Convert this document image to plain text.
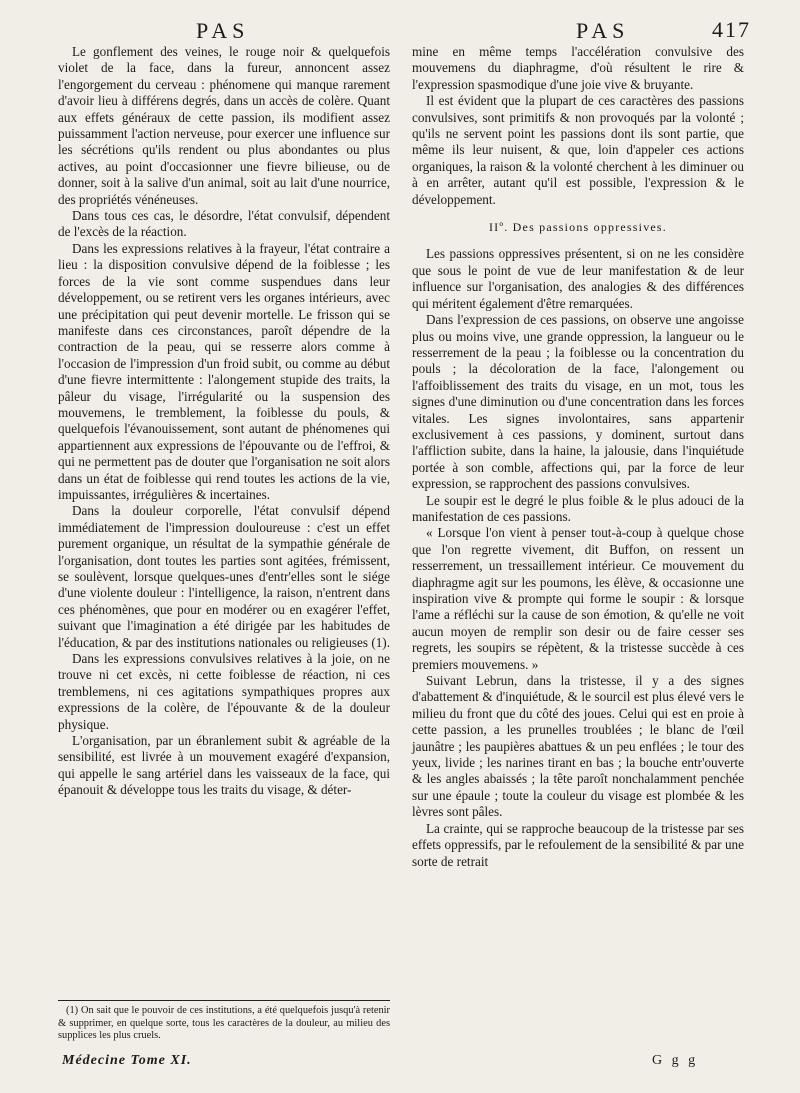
PAS	PAS	417

Le gonflement des veines, le rouge noir & quelquefois violet de la face, dans la fureur, annoncent assez l'engorgement du cerveau : phénomene qui manque rarement d'avoir lieu à différens degrés, dans un accès de colère. Quant aux effets généraux de cette passion, ils modifient assez puissamment l'action nerveuse, pour exercer une influence sur les sécrétions qu'ils rendent ou plus abondantes ou plus actives, au point d'occasionner une fievre bilieuse, ou de donner, soit à la salive d'un animal, soit au lait d'une nourrice, des propriétés vénéneuses.

Dans tous ces cas, le désordre, l'état convulsif, dépendent de l'excès de la réaction.

Dans les expressions relatives à la frayeur, l'état contraire a lieu : la disposition convulsive dépend de la foiblesse ; les forces de la vie sont comme suspendues dans leur développement, ou se retirent vers les organes intérieurs, avec une précipitation qui peut devenir mortelle. Le frisson qui se manifeste dans ces circonstances, paroît dépendre de la contraction de la peau, qui se resserre alors comme à l'occasion de l'impression d'un froid subit, ou comme au début d'une fievre intermittente : l'alongement stupide des traits, la pâleur du visage, l'irrégularité ou la suspension des mouvemens, le tremblement, la foiblesse du pouls, & quelquefois l'évanouissement, sont autant de phénomenes qui appartiennent aux expressions de l'épouvante ou de l'effroi, & qui ne permettent pas de douter que l'organisation ne soit alors dans un état de foiblesse qui rend toutes les actions de la vie, impuissantes, irrégulières & incertaines.

Dans la douleur corporelle, l'état convulsif dépend immédiatement de l'impression douloureuse : c'est un effet purement organique, un résultat de la sympathie générale de l'organisation, dont toutes les parties sont agitées, frémissent, se soulèvent, lorsque quelques-unes d'entr'elles sont le siége d'une violente douleur : l'intelligence, la raison, n'entrent dans ces phénomènes, que pour en modérer ou en exagérer l'effet, suivant que l'imagination a été dirigée par les habitudes de l'éducation, & par des institutions nationales ou religieuses (1).

Dans les expressions convulsives relatives à la joie, on ne trouve ni cet excès, ni cette foiblesse de réaction, ni ces tremblemens, ni ces agitations sympathiques propres aux expressions de la colère, de l'épouvante & de la douleur physique.

L'organisation, par un ébranlement subit & agréable de la sensibilité, est livrée à un mouvement exagéré d'expansion, qui appelle le sang artériel dans les vaisseaux de la face, qui épanouit & développe tous les traits du visage, & déter-

mine en même temps l'accélération convulsive des mouvemens du diaphragme, d'où résultent le rire & l'expression spasmodique d'une joie vive & bruyante.

Il est évident que la plupart de ces caractères des passions convulsives, sont primitifs & non provoqués par la volonté ; qu'ils ne servent point les passions dont ils sont partie, que même ils leur nuisent, & que, loin d'appeler ces actions organiques, la raison & la volonté cherchent à les diminuer ou à en arrêter, autant qu'il est possible, l'expression & le développement.

IIº. Des passions oppressives.

Les passions oppressives présentent, si on ne les considère que sous le point de vue de leur manifestation & de leur influence sur l'organisation, des analogies & des différences qui méritent également d'être remarquées.

Dans l'expression de ces passions, on observe une angoisse plus ou moins vive, une grande oppression, la langueur ou le resserrement de la peau ; la foiblesse ou la concentration du pouls ; la décoloration de la face, l'alongement ou l'affoiblissement des traits du visage, en un mot, tous les signes d'une diminution ou d'une concentration dans les forces vitales. Les signes involontaires, sans appartenir exclusivement à ces passions, y dominent, surtout dans l'affliction subite, dans la haine, la jalousie, dans l'inquiétude portée à son comble, affections qui, par la force de leur expression, se rapprochent des passions convulsives.

Le soupir est le degré le plus foible & le plus adouci de la manifestation de ces passions.

« Lorsque l'on vient à penser tout-à-coup à quelque chose que l'on regrette vivement, dit Buffon, on ressent un resserrement, un tressaillement intérieur. Ce mouvement du diaphragme agit sur les poumons, les élève, & occasionne une inspiration vive & prompte qui forme le soupir : & lorsque l'ame a réfléchi sur la cause de son émotion, & qu'elle ne voit aucun moyen de remplir son desir ou de faire cesser ses regrets, les soupirs se répètent, & la tristesse succède à ces premiers mouvemens. »

Suivant Lebrun, dans la tristesse, il y a des signes d'abattement & d'inquiétude, & le sourcil est plus élevé vers le milieu du front que du côté des joues. Celui qui est en proie à cette passion, a les prunelles troublées ; le blanc de l'œil jaunâtre ; les paupières abattues & un peu enflées ; le tour des yeux, livide ; les narines tirant en bas ; la bouche entr'ouverte & les angles abaissés ; la tête paroît nonchalamment penchée sur une épaule ; toute la couleur du visage est plombée & les lèvres sont pâles.

La crainte, qui se rapproche beaucoup de la tristesse par ses effets oppressifs, par le refoulement de la sensibilité & par une sorte de retrait

(1) On sait que le pouvoir de ces institutions, a été quelquefois jusqu'à retenir & supprimer, en quelque sorte, tous les caractères de la douleur, au milieu des supplices les plus cruels.

Médecine Tome XI.	G g g
